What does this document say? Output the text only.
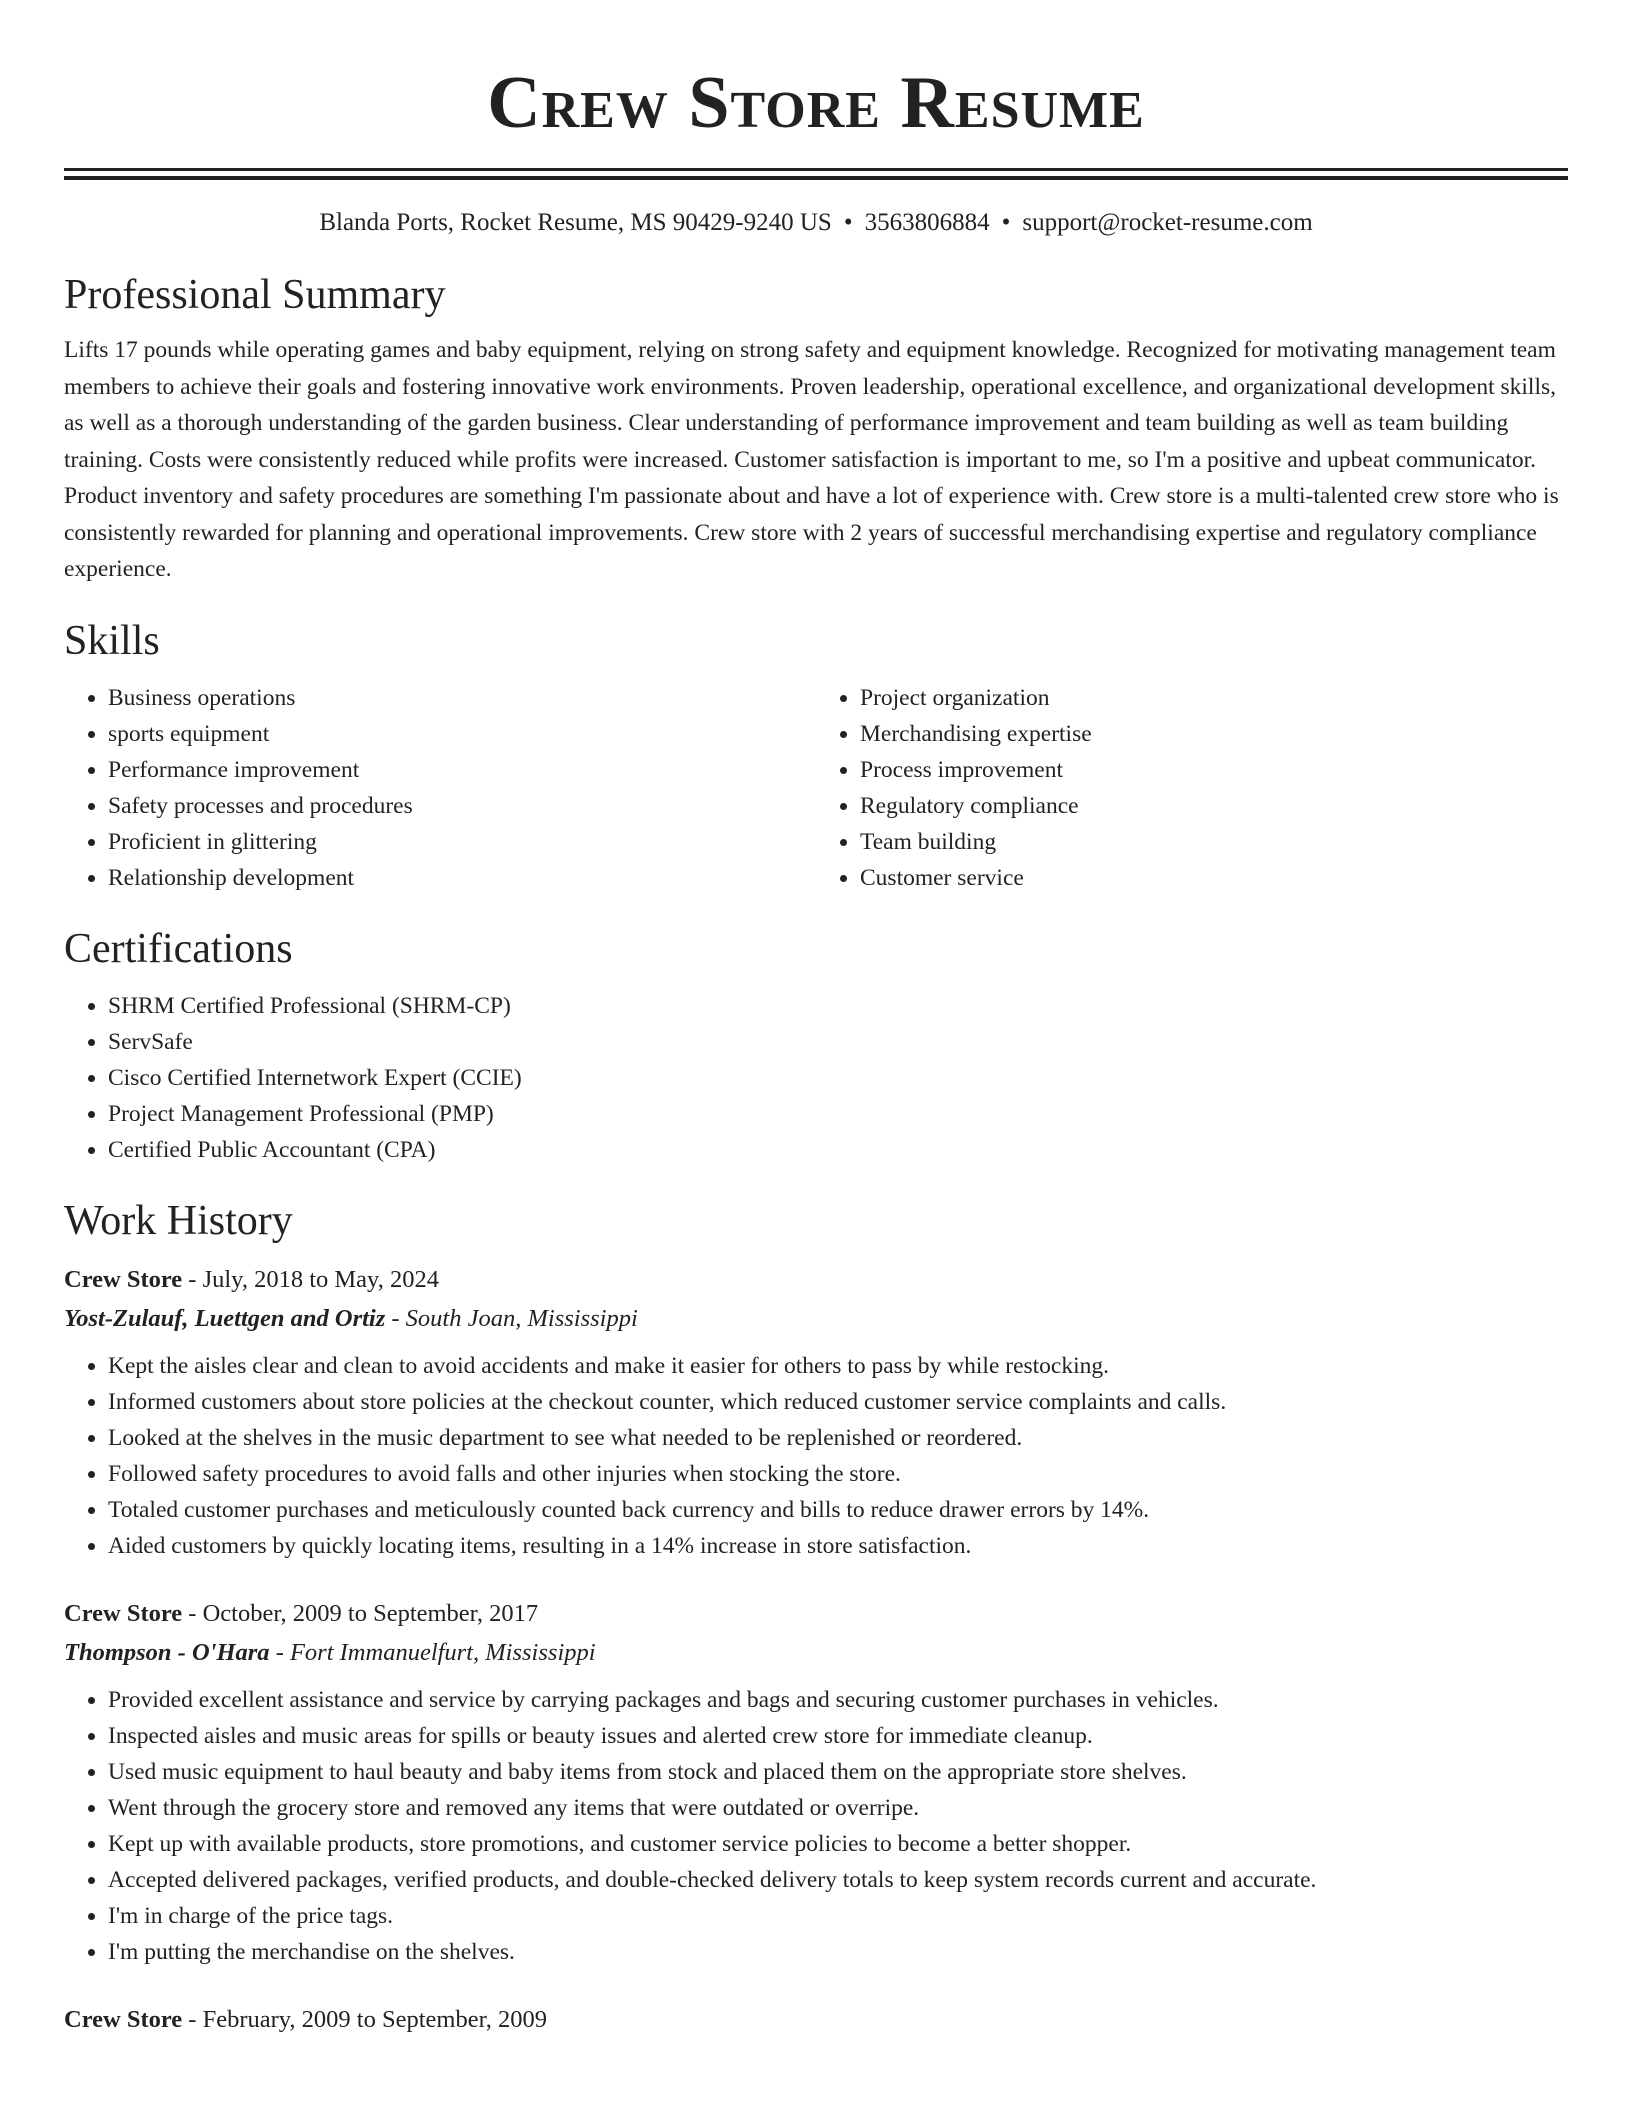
Crew Store Resume
Blanda Ports, Rocket Resume, MS 90429-9240 US • 3563806884 • support@rocket-resume.com
Professional Summary
Lifts 17 pounds while operating games and baby equipment, relying on strong safety and equipment knowledge. Recognized for motivating management team members to achieve their goals and fostering innovative work environments. Proven leadership, operational excellence, and organizational development skills, as well as a thorough understanding of the garden business. Clear understanding of performance improvement and team building as well as team building training. Costs were consistently reduced while profits were increased. Customer satisfaction is important to me, so I'm a positive and upbeat communicator. Product inventory and safety procedures are something I'm passionate about and have a lot of experience with. Crew store is a multi-talented crew store who is consistently rewarded for planning and operational improvements. Crew store with 2 years of successful merchandising expertise and regulatory compliance experience.
Skills
• Business operations
• sports equipment
• Performance improvement
• Safety processes and procedures
• Proficient in glittering
• Relationship development
• Project organization
• Merchandising expertise
• Process improvement
• Regulatory compliance
• Team building
• Customer service
Certifications
• SHRM Certified Professional (SHRM-CP)
• ServSafe
• Cisco Certified Internetwork Expert (CCIE)
• Project Management Professional (PMP)
• Certified Public Accountant (CPA)
Work History
Crew Store - July, 2018 to May, 2024
Yost-Zulauf, Luettgen and Ortiz - South Joan, Mississippi
• Kept the aisles clear and clean to avoid accidents and make it easier for others to pass by while restocking.
• Informed customers about store policies at the checkout counter, which reduced customer service complaints and calls.
• Looked at the shelves in the music department to see what needed to be replenished or reordered.
• Followed safety procedures to avoid falls and other injuries when stocking the store.
• Totaled customer purchases and meticulously counted back currency and bills to reduce drawer errors by 14%.
• Aided customers by quickly locating items, resulting in a 14% increase in store satisfaction.
Crew Store - October, 2009 to September, 2017
Thompson - O'Hara - Fort Immanuelfurt, Mississippi
• Provided excellent assistance and service by carrying packages and bags and securing customer purchases in vehicles.
• Inspected aisles and music areas for spills or beauty issues and alerted crew store for immediate cleanup.
• Used music equipment to haul beauty and baby items from stock and placed them on the appropriate store shelves.
• Went through the grocery store and removed any items that were outdated or overripe.
• Kept up with available products, store promotions, and customer service policies to become a better shopper.
• Accepted delivered packages, verified products, and double-checked delivery totals to keep system records current and accurate.
• I'm in charge of the price tags.
• I'm putting the merchandise on the shelves.
Crew Store - February, 2009 to September, 2009
